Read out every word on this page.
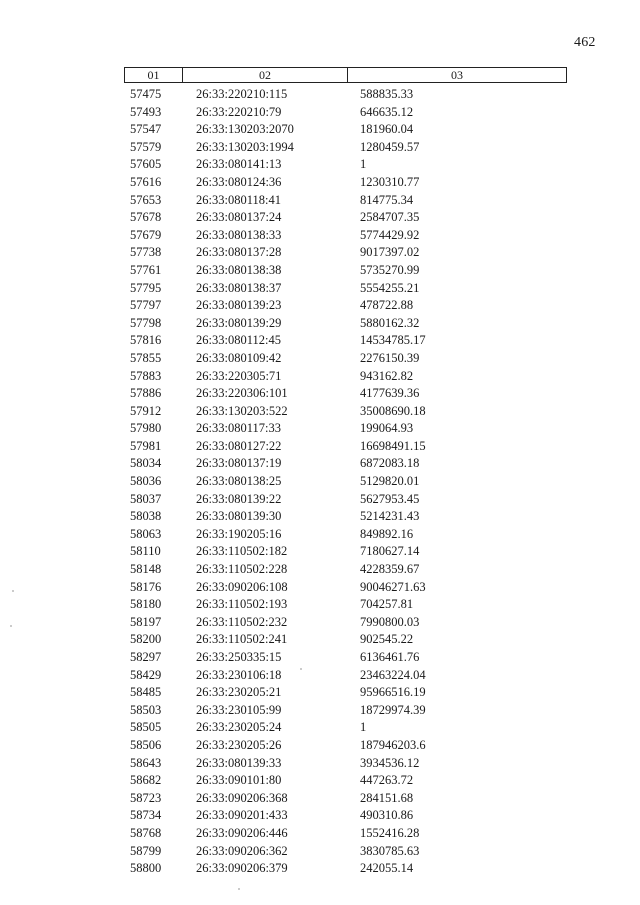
462
01	02	03
57475	26:33:220210:115	588835.33
57493	26:33:220210:79	646635.12
57547	26:33:130203:2070	181960.04
57579	26:33:130203:1994	1280459.57
57605	26:33:080141:13	1
57616	26:33:080124:36	1230310.77
57653	26:33:080118:41	814775.34
57678	26:33:080137:24	2584707.35
57679	26:33:080138:33	5774429.92
57738	26:33:080137:28	9017397.02
57761	26:33:080138:38	5735270.99
57795	26:33:080138:37	5554255.21
57797	26:33:080139:23	478722.88
57798	26:33:080139:29	5880162.32
57816	26:33:080112:45	14534785.17
57855	26:33:080109:42	2276150.39
57883	26:33:220305:71	943162.82
57886	26:33:220306:101	4177639.36
57912	26:33:130203:522	35008690.18
57980	26:33:080117:33	199064.93
57981	26:33:080127:22	16698491.15
58034	26:33:080137:19	6872083.18
58036	26:33:080138:25	5129820.01
58037	26:33:080139:22	5627953.45
58038	26:33:080139:30	5214231.43
58063	26:33:190205:16	849892.16
58110	26:33:110502:182	7180627.14
58148	26:33:110502:228	4228359.67
58176	26:33:090206:108	90046271.63
58180	26:33:110502:193	704257.81
58197	26:33:110502:232	7990800.03
58200	26:33:110502:241	902545.22
58297	26:33:250335:15	6136461.76
58429	26:33:230106:18	23463224.04
58485	26:33:230205:21	95966516.19
58503	26:33:230105:99	18729974.39
58505	26:33:230205:24	1
58506	26:33:230205:26	187946203.6
58643	26:33:080139:33	3934536.12
58682	26:33:090101:80	447263.72
58723	26:33:090206:368	284151.68
58734	26:33:090201:433	490310.86
58768	26:33:090206:446	1552416.28
58799	26:33:090206:362	3830785.63
58800	26:33:090206:379	242055.14
